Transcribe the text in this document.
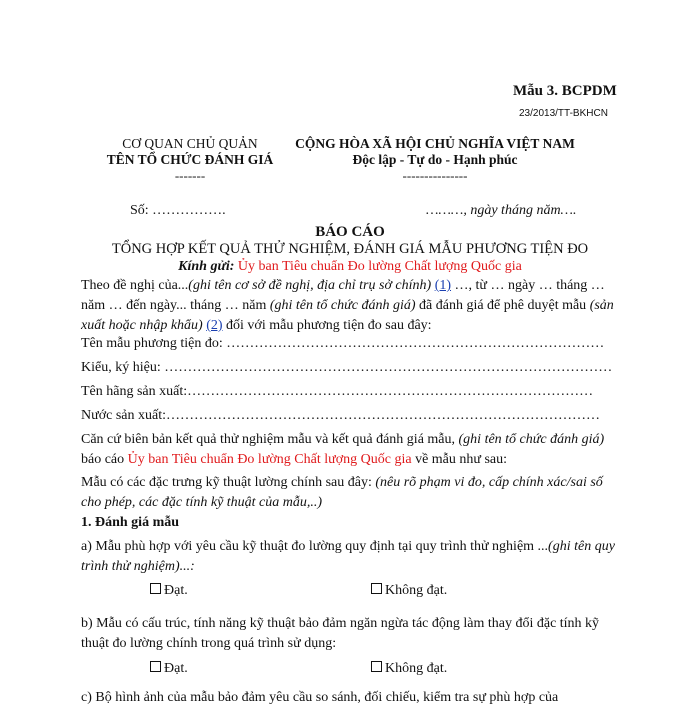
Mẫu 3. BCPDM
23/2013/TT-BKHCN
CƠ QUAN CHỦ QUẢN
TÊN TỔ CHỨC ĐÁNH GIÁ
-------
CỘNG HÒA XÃ HỘI CHỦ NGHĨA VIỆT NAM
Độc lập - Tự do - Hạnh phúc
---------------
Số: …………….	………, ngày tháng năm….
BÁO CÁO
TỔNG HỢP KẾT QUẢ THỬ NGHIỆM, ĐÁNH GIÁ MẪU PHƯƠNG TIỆN ĐO
Kính gửi: Ủy ban Tiêu chuẩn Đo lường Chất lượng Quốc gia
Theo đề nghị của...(ghi tên cơ sở đề nghị, địa chỉ trụ sở chính) (1) …, từ … ngày … tháng … năm … đến ngày... tháng … năm (ghi tên tổ chức đánh giá) đã đánh giá để phê duyệt mẫu (sản xuất hoặc nhập khẩu) (2) đối với mẫu phương tiện đo sau đây:
Tên mẫu phương tiện đo: ………………………………………………………………………
Kiểu, ký hiệu: ……………………………………………………………………………………
Tên hãng sản xuất:……………………………………………………………………………
Nước sản xuất:…………………………………………………………………………………
Căn cứ biên bản kết quả thử nghiệm mẫu và kết quả đánh giá mẫu, (ghi tên tổ chức đánh giá) báo cáo Ủy ban Tiêu chuẩn Đo lường Chất lượng Quốc gia về mẫu như sau:
Mẫu có các đặc trưng kỹ thuật lường chính sau đây: (nêu rõ phạm vi đo, cấp chính xác/sai số cho phép, các đặc tính kỹ thuật của mẫu,..)
1. Đánh giá mẫu
a) Mẫu phù hợp với yêu cầu kỹ thuật đo lường quy định tại quy trình thử nghiệm ...(ghi tên quy trình thử nghiệm)...:
Đạt.	Không đạt.
b) Mẫu có cấu trúc, tính năng kỹ thuật bảo đảm ngăn ngừa tác động làm thay đổi đặc tính kỹ thuật đo lường chính trong quá trình sử dụng:
Đạt.	Không đạt.
c) Bộ hình ảnh của mẫu bảo đảm yêu cầu so sánh, đối chiếu, kiểm tra sự phù hợp của
